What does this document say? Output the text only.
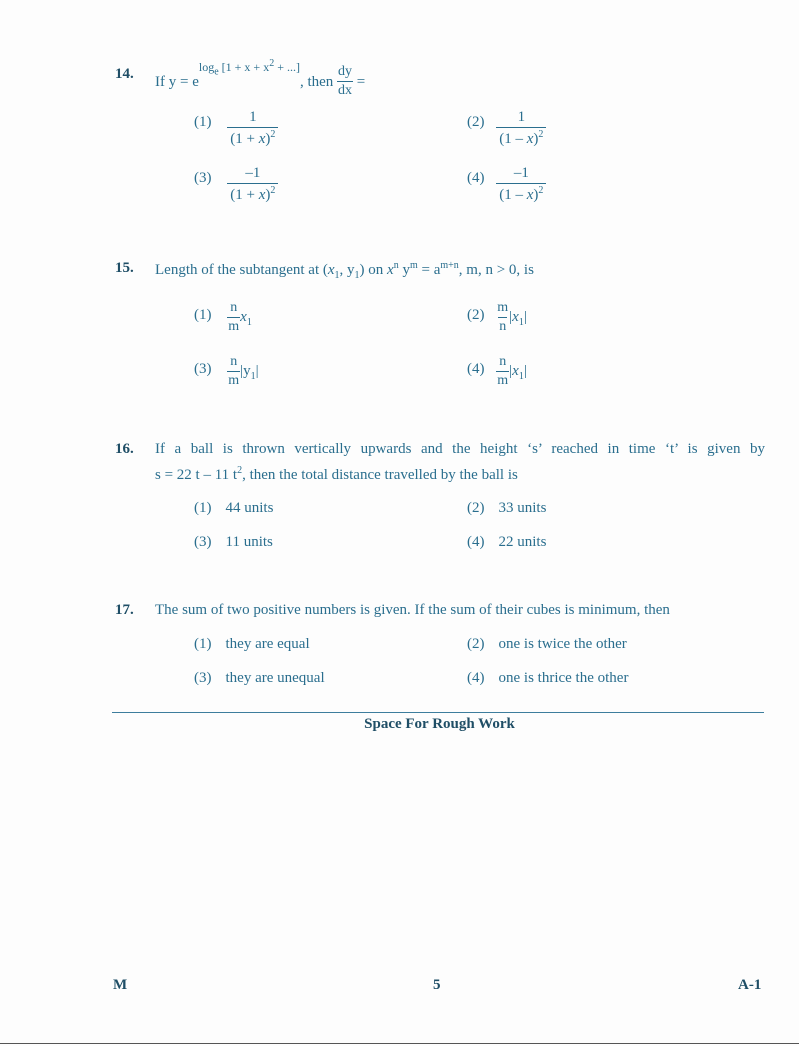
14. If y = elog$_e$ [$1 + x + x^2$ + ...], then $\frac{dy}{dx}$ =
$(1) \frac{1}{(1 + x)^2}$	$(2) \frac{1}{(1 - x)^2}$
$(3) \frac{-1}{(1 + x)^2}$	$(4) \frac{-1}{(1 - x)^2}$
15. Length of the subtangent at ($x_1$, $y_1$) on $x^n$ $y^m = a^{m+n}$, m, n > 0, is
$(1) \frac{n}{m} x_1$	$(2) \frac{m}{n} |x_1|$
$(3) \frac{n}{m} |y_1|$	$(4) \frac{n}{m} |x_1|$
16. If a ball is thrown vertically upwards and the height ‘s’ reached in time ‘t’ is given by
s = 22 t – 11 $t^2$, then the total distance travelled by the ball is
(1) 44 units	(2) 33 units
(3) 11 units	(4) 22 units
17. The sum of two positive numbers is given. If the sum of their cubes is minimum, then
(1) they are equal	(2) one is twice the other
(3) they are unequal	(4) one is thrice the other
Space For Rough Work
M	5	A-1
